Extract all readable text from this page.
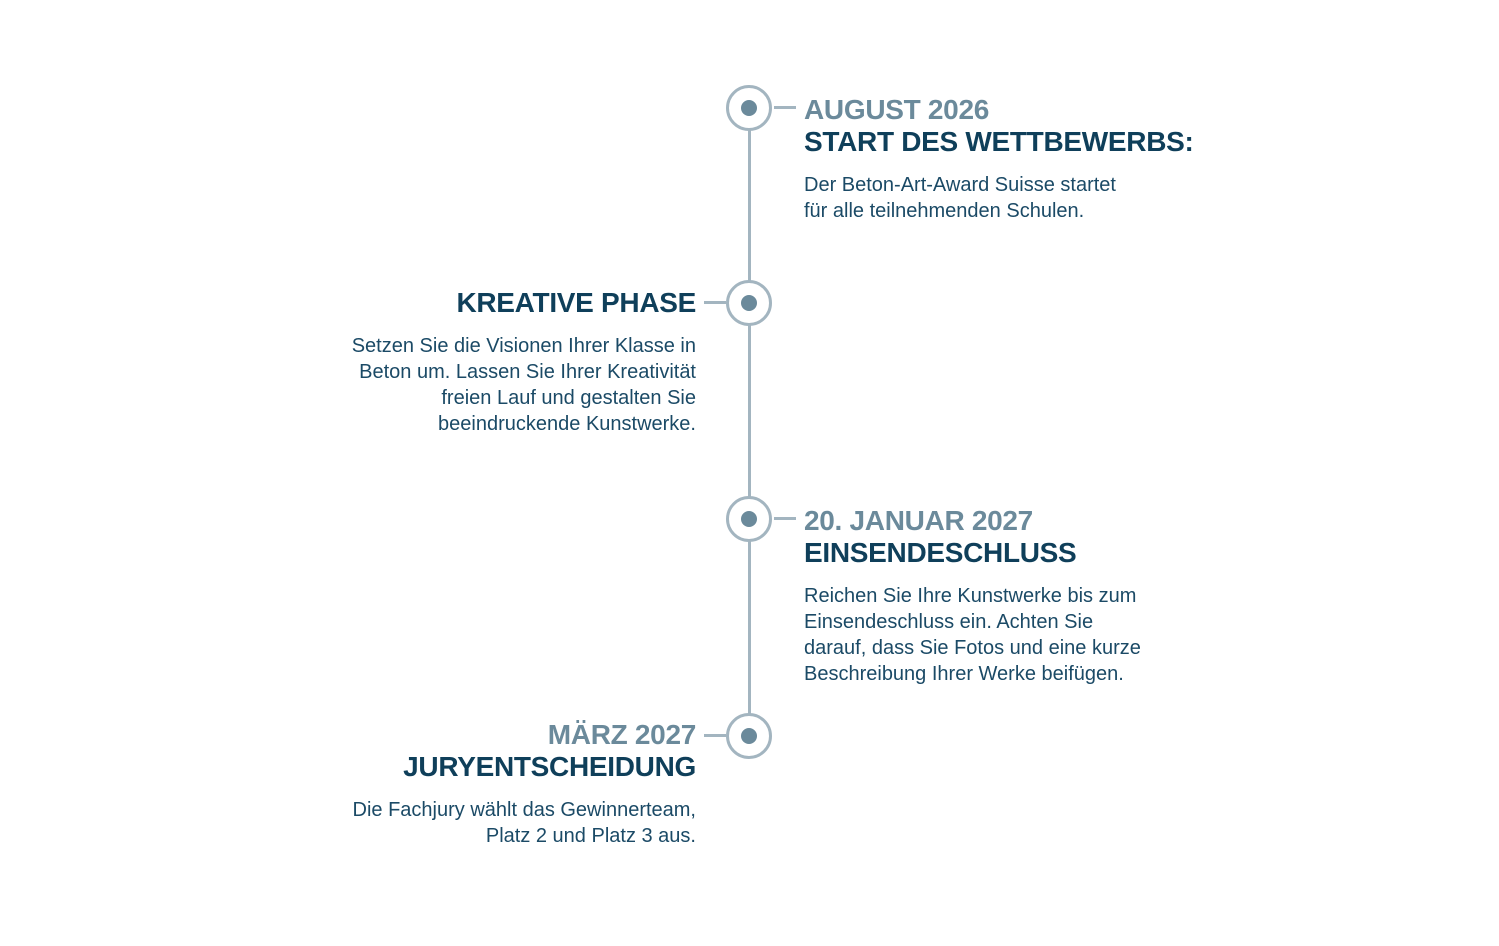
AUGUST 2026
START DES WETTBEWERBS:
Der Beton-Art-Award Suisse startet
für alle teilnehmenden Schulen.
KREATIVE PHASE
Setzen Sie die Visionen Ihrer Klasse in
Beton um. Lassen Sie Ihrer Kreativität
freien Lauf und gestalten Sie
beeindruckende Kunstwerke.
20. JANUAR 2027
EINSENDESCHLUSS
Reichen Sie Ihre Kunstwerke bis zum
Einsendeschluss ein. Achten Sie
darauf, dass Sie Fotos und eine kurze
Beschreibung Ihrer Werke beifügen.
MÄRZ 2027
JURYENTSCHEIDUNG
Die Fachjury wählt das Gewinnerteam,
Platz 2 und Platz 3 aus.
